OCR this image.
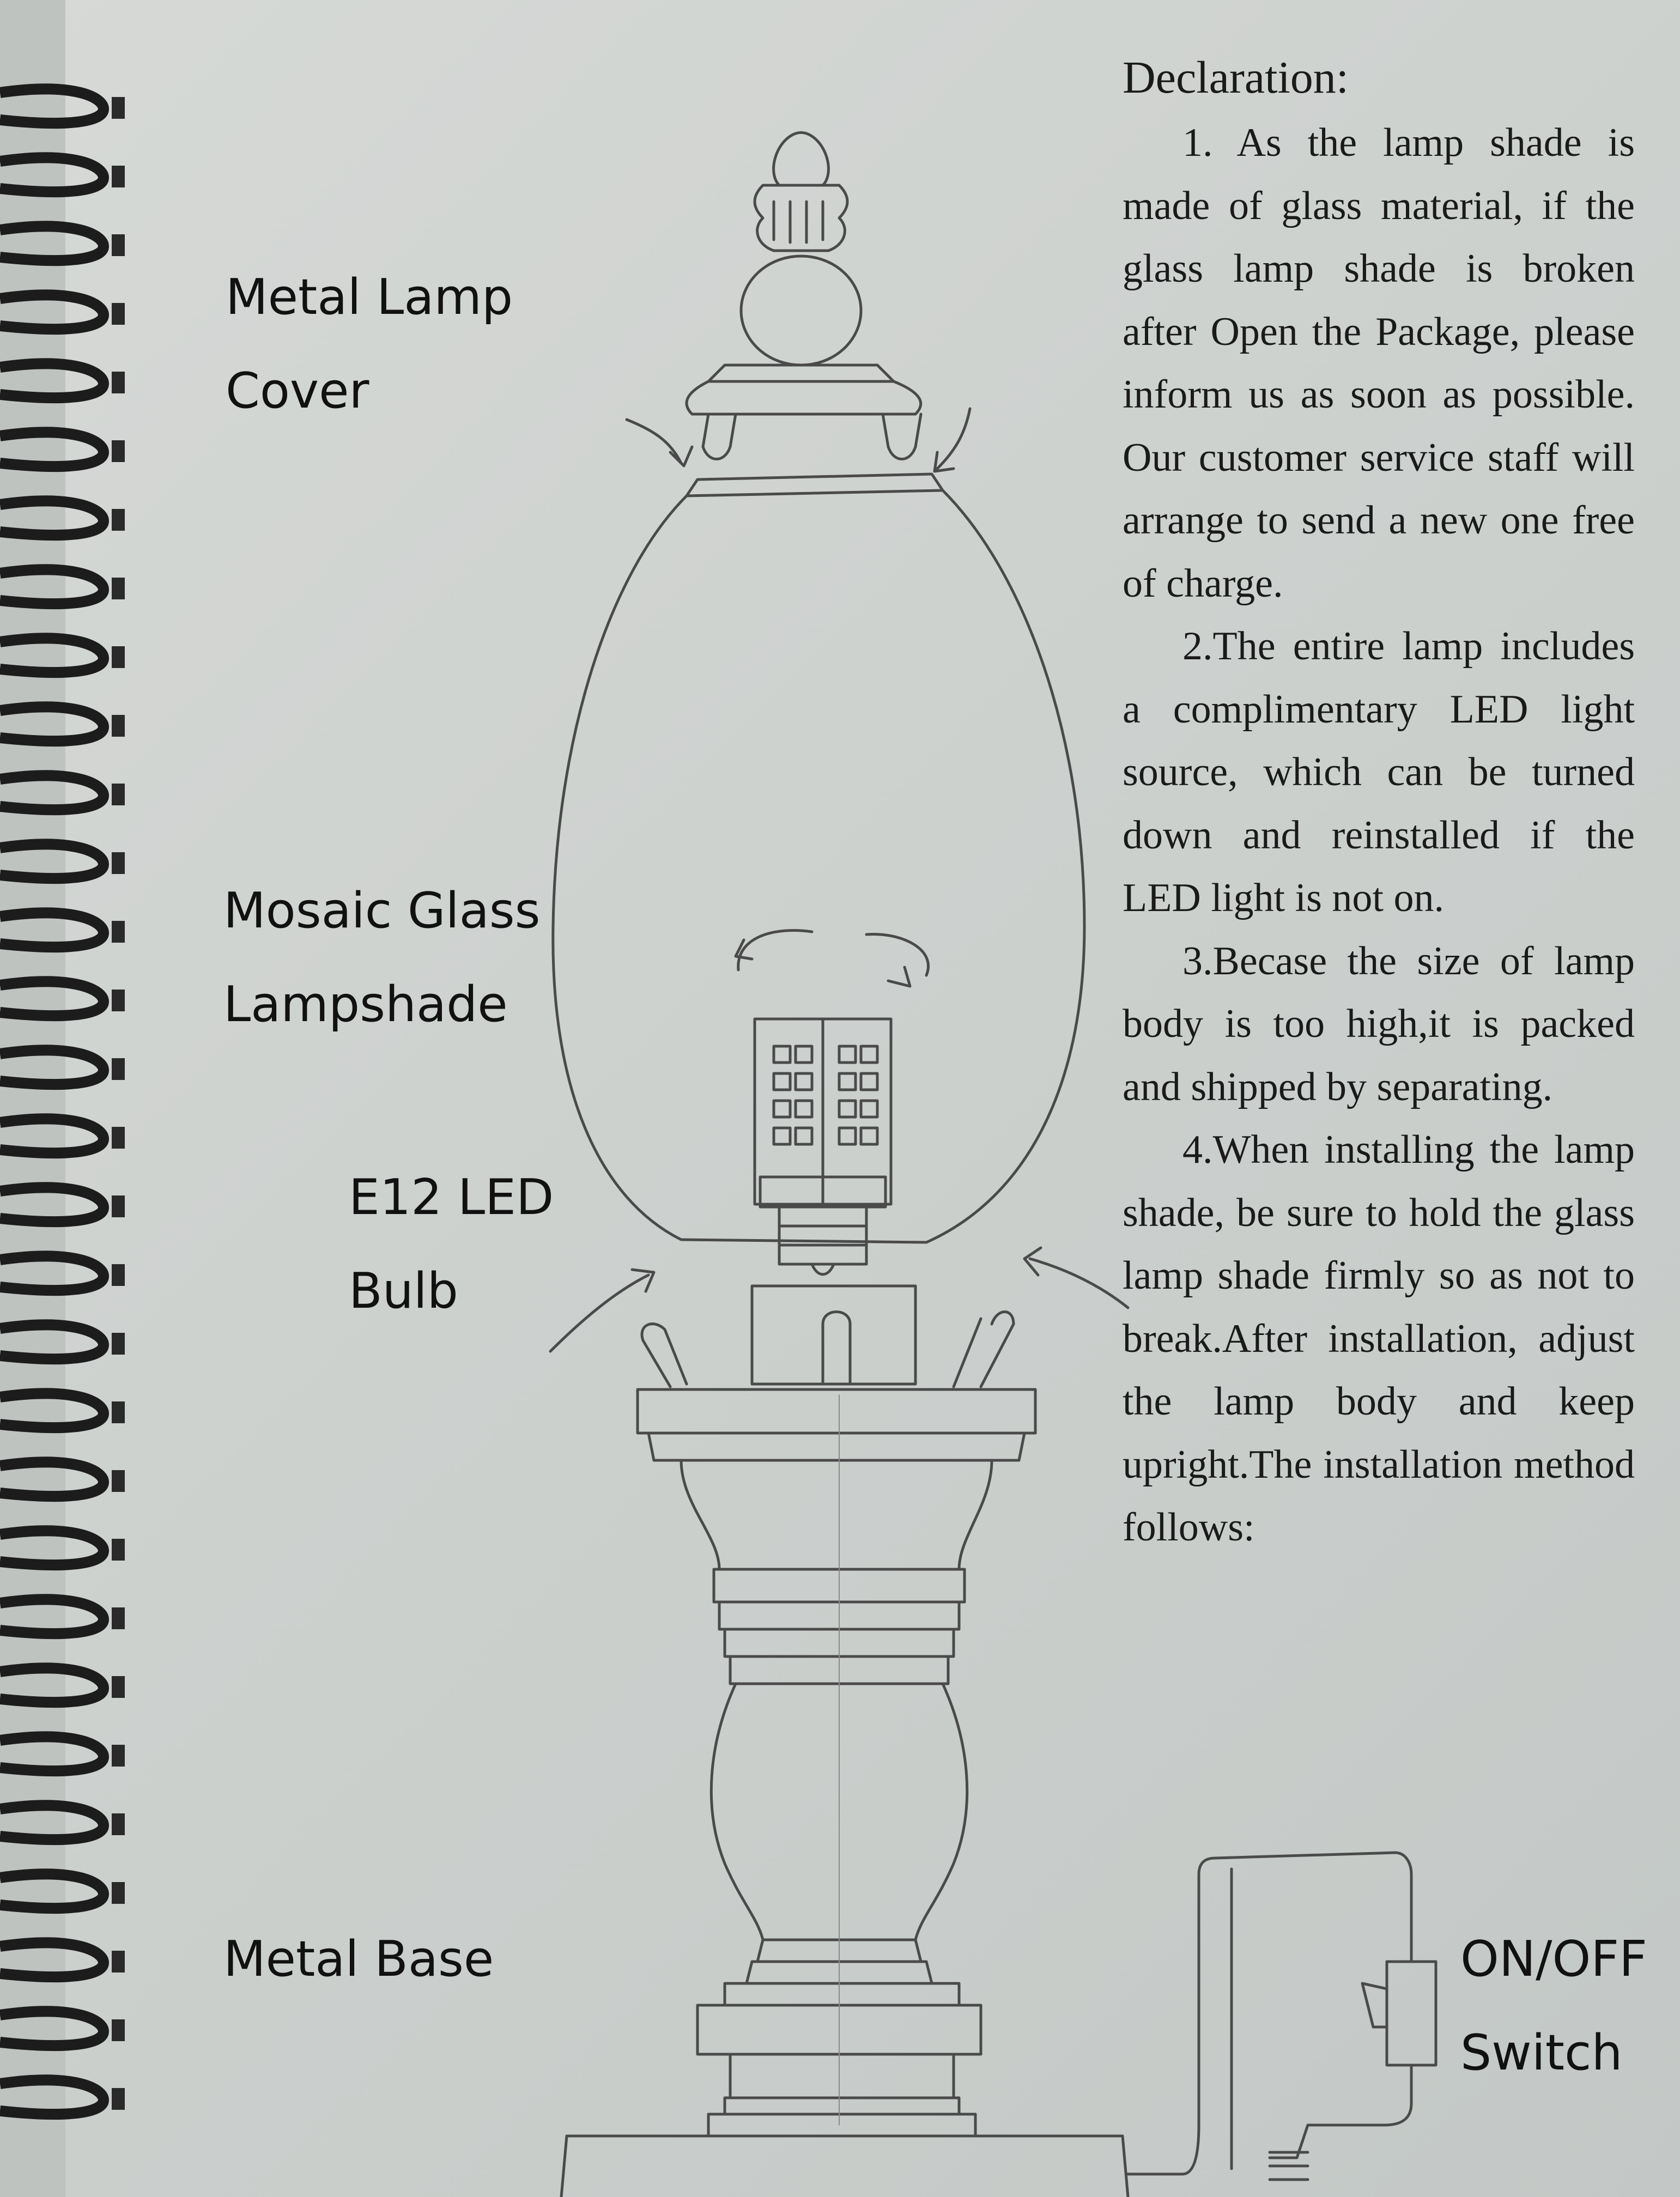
Metal Lamp
Cover
Mosaic Glass
Lampshade
E12 LED
Bulb
Metal Base	ON/OFF
Switch

Declaration:

1. As the lamp shade is made of glass material, if the glass lamp shade is broken after Open the Package, please inform us as soon as possible. Our customer service staff will arrange to send a new one free of charge.

2.The entire lamp includes a complimentary LED light source, which can be turned down and reinstalled if the LED light is not on.

3.Becase the size of lamp body is too high,it is packed and shipped by separating.

4.When installing the lamp shade, be sure to hold the glass lamp shade firmly so as not to break.After installation, adjust the lamp body and keep upright.The installation method follows:
